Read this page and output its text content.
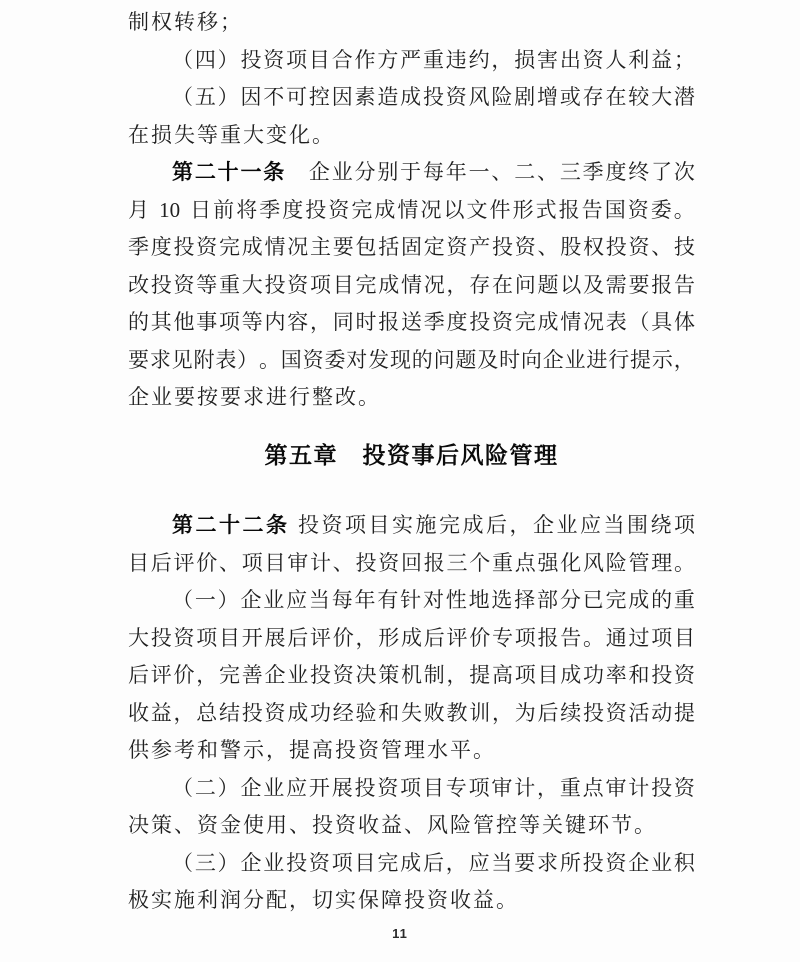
制 权 转 移 ；
（ 四 ） 投 资 项 目 合 作 方 严 重 违 约 ， 损 害 出 资 人 利 益 ；
（ 五 ） 因 不 可 控 因 素 造 成 投 资 风 险 剧 增 或 存 在 较 大 潜
在 损 失 等 重 大 变 化 。
第 二 十 一 条 企 业 分 别 于 每 年 一 、 二 、 三 季 度 终 了 次
月 10 日 前 将 季 度 投 资 完 成 情 况 以 文 件 形 式 报 告 国 资 委 。
季 度 投 资 完 成 情 况 主 要 包 括 固 定 资 产 投 资 、 股 权 投 资 、 技
改 投 资 等 重 大 投 资 项 目 完 成 情 况 ， 存 在 问 题 以 及 需 要 报 告
的 其 他 事 项 等 内 容 ， 同 时 报 送 季 度 投 资 完 成 情 况 表 （ 具 体
要 求 见 附 表 ） 。 国 资 委 对 发 现 的 问 题 及 时 向 企 业 进 行 提 示 ，
企 业 要 按 要 求 进 行 整 改 。
第五章　投资事后风险管理
第 二 十 二 条 投 资 项 目 实 施 完 成 后 ， 企 业 应 当 围 绕 项
目 后 评 价 、 项 目 审 计 、 投 资 回 报 三 个 重 点 强 化 风 险 管 理 。
（ 一 ） 企 业 应 当 每 年 有 针 对 性 地 选 择 部 分 已 完 成 的 重
大 投 资 项 目 开 展 后 评 价 ， 形 成 后 评 价 专 项 报 告 。 通 过 项 目
后 评 价 ， 完 善 企 业 投 资 决 策 机 制 ， 提 高 项 目 成 功 率 和 投 资
收 益 ， 总 结 投 资 成 功 经 验 和 失 败 教 训 ， 为 后 续 投 资 活 动 提
供 参 考 和 警 示 ， 提 高 投 资 管 理 水 平 。
（ 二 ） 企 业 应 开 展 投 资 项 目 专 项 审 计 ， 重 点 审 计 投 资
决 策 、 资 金 使 用 、 投 资 收 益 、 风 险 管 控 等 关 键 环 节 。
（ 三 ） 企 业 投 资 项 目 完 成 后 ， 应 当 要 求 所 投 资 企 业 积
极 实 施 利 润 分 配 ， 切 实 保 障 投 资 收 益 。
11
